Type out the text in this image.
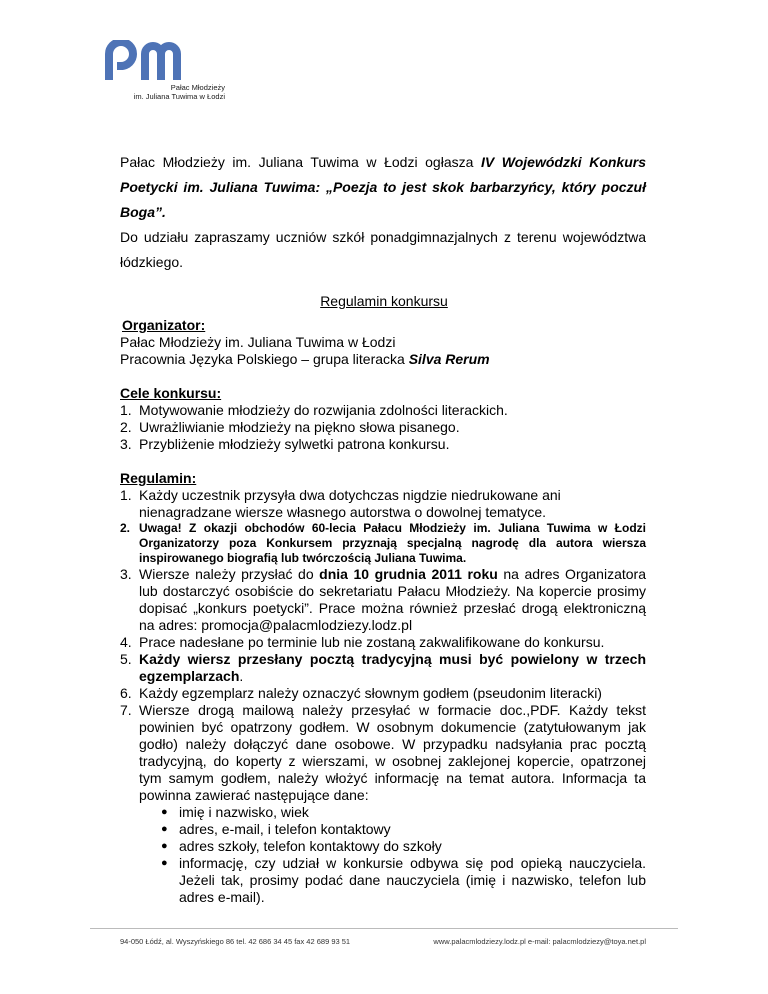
Pałac Młodzieży
im. Juliana Tuwima w Łodzi

Pałac Młodzieży im. Juliana Tuwima w Łodzi ogłasza IV Wojewódzki Konkurs Poetycki im. Juliana Tuwima: „Poezja to jest skok barbarzyńcy, który poczuł Boga”.

Do udziału zapraszamy uczniów szkół ponadgimnazjalnych z terenu województwa łódzkiego.

Regulamin konkursu
Organizator:
Pałac Młodzieży im. Juliana Tuwima w Łodzi
Pracownia Języka Polskiego – grupa literacka Silva Rerum
Cele konkursu:
1. Motywowanie młodzieży do rozwijania zdolności literackich.
2. Uwrażliwianie młodzieży na piękno słowa pisanego.
3. Przybliżenie młodzieży sylwetki patrona konkursu.
Regulamin:
1. Każdy uczestnik przysyła dwa dotychczas nigdzie niedrukowane ani nienagradzane wiersze własnego autorstwa o dowolnej tematyce.
2. Uwaga! Z okazji obchodów 60-lecia Pałacu Młodzieży im. Juliana Tuwima w Łodzi Organizatorzy poza Konkursem przyznają specjalną nagrodę dla autora wiersza inspirowanego biografią lub twórczością Juliana Tuwima.
3. Wiersze należy przysłać do dnia 10 grudnia 2011 roku na adres Organizatora lub dostarczyć osobiście do sekretariatu Pałacu Młodzieży. Na kopercie prosimy dopisać „konkurs poetycki”. Prace można również przesłać drogą elektroniczną na adres: promocja@palacmlodziezy.lodz.pl
4. Prace nadesłane po terminie lub nie zostaną zakwalifikowane do konkursu.
5. Każdy wiersz przesłany pocztą tradycyjną musi być powielony w trzech egzemplarzach.
6. Każdy egzemplarz należy oznaczyć słownym godłem (pseudonim literacki)
7. Wiersze drogą mailową należy przesyłać w formacie doc.,PDF. Każdy tekst powinien być opatrzony godłem. W osobnym dokumencie (zatytułowanym jak godło) należy dołączyć dane osobowe. W przypadku nadsyłania prac pocztą tradycyjną, do koperty z wierszami, w osobnej zaklejonej kopercie, opatrzonej tym samym godłem, należy włożyć informację na temat autora. Informacja ta powinna zawierać następujące dane:
● imię i nazwisko, wiek
● adres, e-mail, i telefon kontaktowy
● adres szkoły, telefon kontaktowy do szkoły
● informację, czy udział w konkursie odbywa się pod opieką nauczyciela. Jeżeli tak, prosimy podać dane nauczyciela (imię i nazwisko, telefon lub adres e-mail).
94-050 Łódź, al. Wyszyńskiego 86 tel. 42 686 34 45 fax 42 689 93 51	www.palacmlodziezy.lodz.pl e-mail: palacmlodziezy@toya.net.pl
